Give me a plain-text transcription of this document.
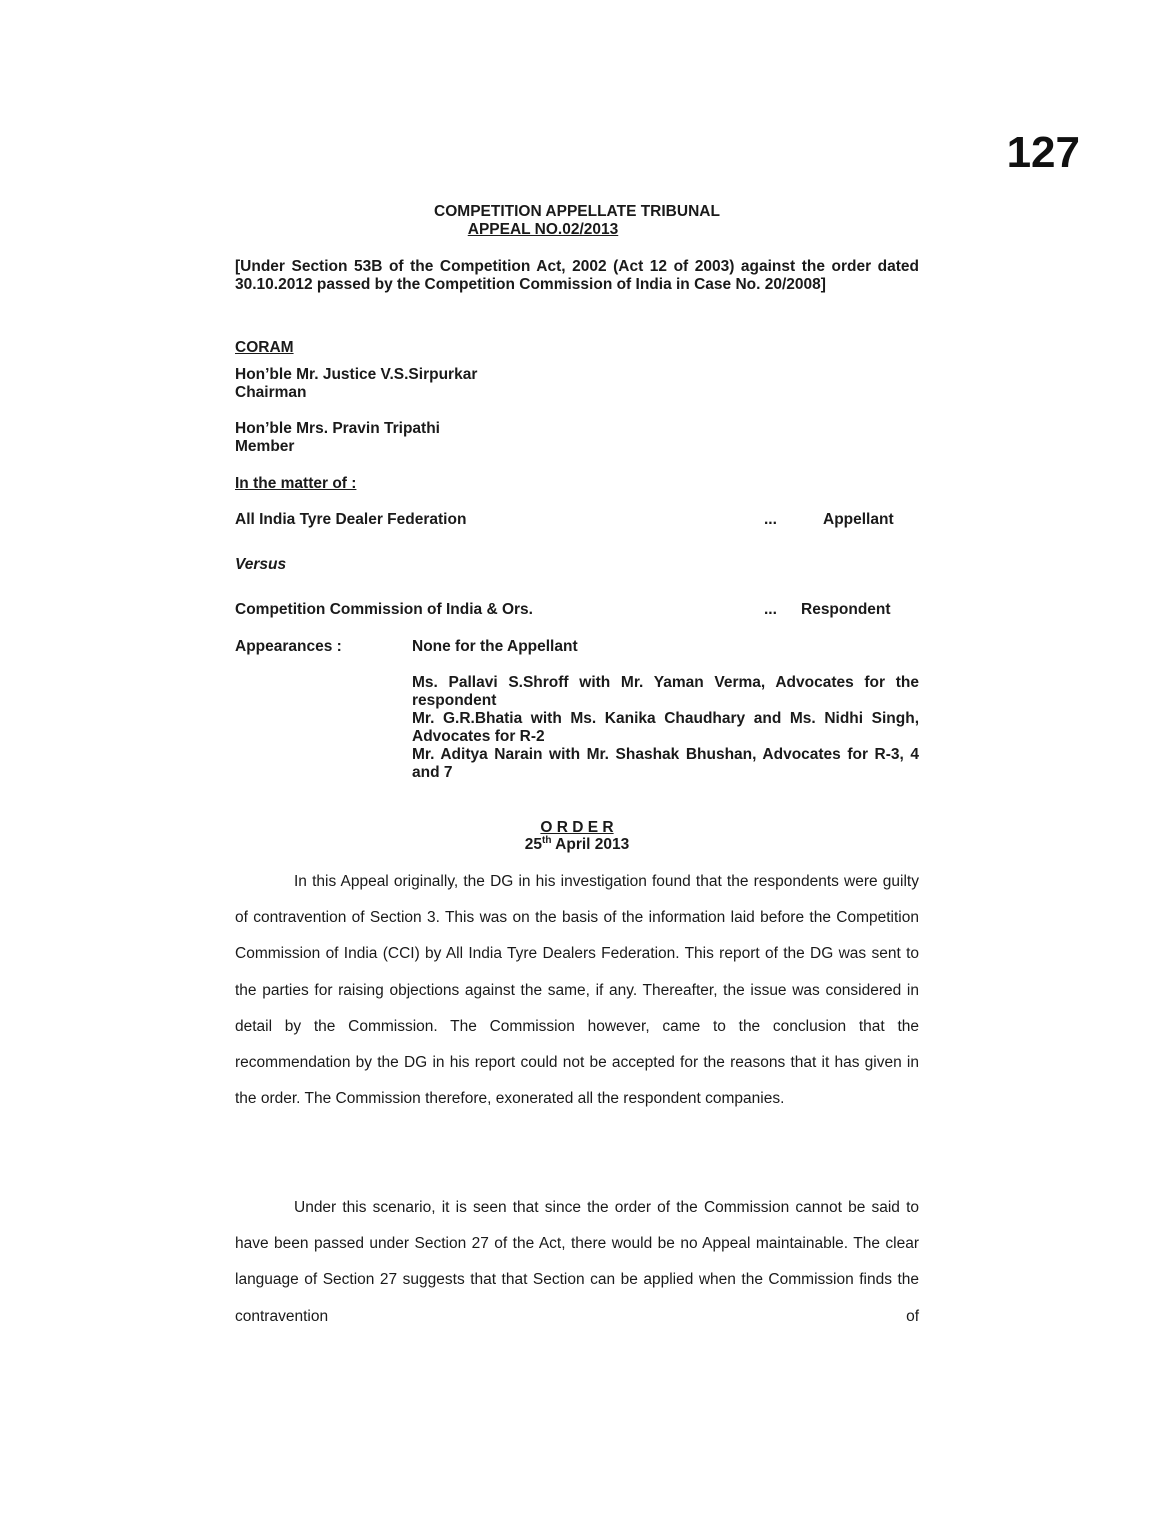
127
COMPETITION APPELLATE TRIBUNAL
APPEAL NO.02/2013
[Under Section 53B of the Competition Act, 2002 (Act 12 of 2003) against the order dated 30.10.2012 passed by the Competition Commission of India in Case No. 20/2008]
CORAM
Hon’ble Mr. Justice V.S.Sirpurkar
Chairman
Hon’ble Mrs. Pravin Tripathi
Member
In the matter of :
All India Tyre Dealer Federation	...	Appellant
Versus
Competition Commission of India & Ors.	... Respondent
Appearances :	None for the Appellant
Ms. Pallavi S.Shroff with Mr. Yaman Verma, Advocates for the respondent
Mr. G.R.Bhatia with Ms. Kanika Chaudhary and Ms. Nidhi Singh, Advocates for R-2
Mr. Aditya Narain with Mr. Shashak Bhushan, Advocates for R-3, 4 and 7
O R D E R
25th April 2013
In this Appeal originally, the DG in his investigation found that the respondents were guilty of contravention of Section 3. This was on the basis of the information laid before the Competition Commission of India (CCI) by All India Tyre Dealers Federation. This report of the DG was sent to the parties for raising objections against the same, if any. Thereafter, the issue was considered in detail by the Commission. The Commission however, came to the conclusion that the recommendation by the DG in his report could not be accepted for the reasons that it has given in the order. The Commission therefore, exonerated all the respondent companies.
Under this scenario, it is seen that since the order of the Commission cannot be said to have been passed under Section 27 of the Act, there would be no Appeal maintainable. The clear language of Section 27 suggests that that Section can be applied when the Commission finds the contravention of
